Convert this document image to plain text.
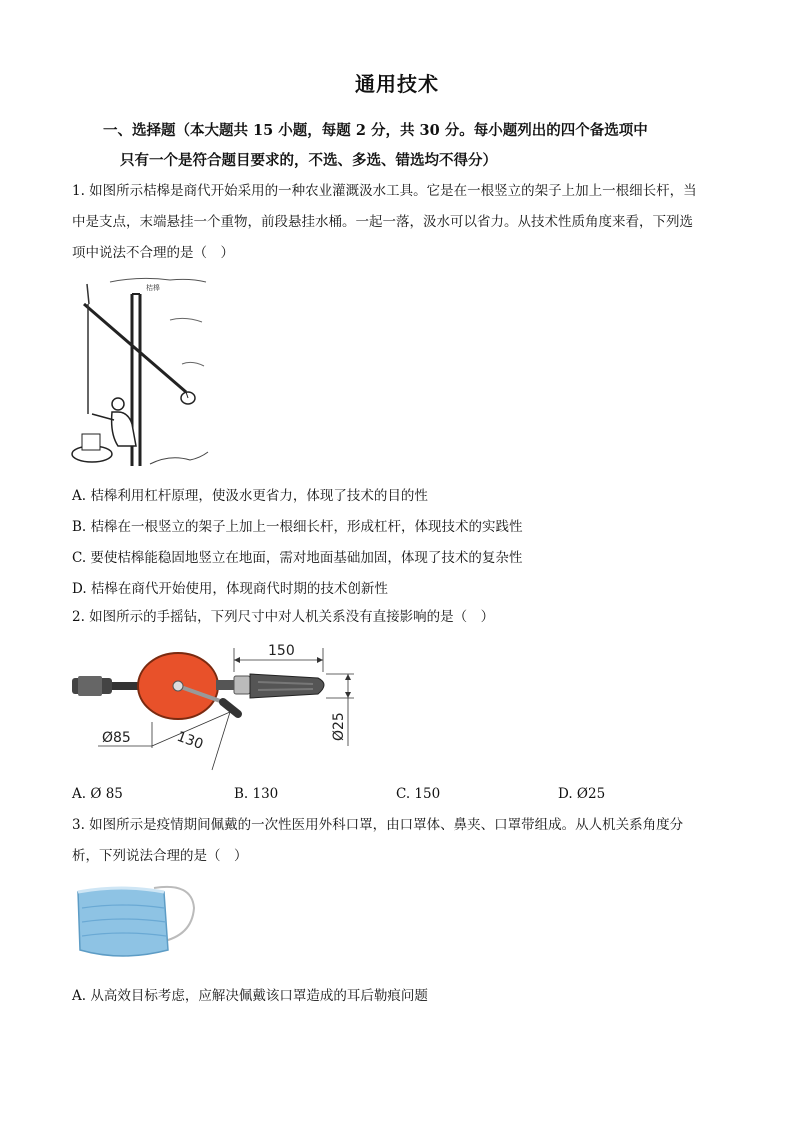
通用技术
一、选择题（本大题共 15 小题，每题 2 分，共 30 分。每小题列出的四个备选项中
只有一个是符合题目要求的，不选、多选、错选均不得分）
1. 如图所示桔槔是商代开始采用的一种农业灌溉汲水工具。它是在一根竖立的架子上加上一根细长杆，当
中是支点，末端悬挂一个重物，前段悬挂水桶。一起一落，汲水可以省力。从技术性质角度来看，下列选
项中说法不合理的是（　）
桔槔
A. 桔槔利用杠杆原理，使汲水更省力，体现了技术的目的性
B. 桔槔在一根竖立的架子上加上一根细长杆，形成杠杆，体现技术的实践性
C. 要使桔槔能稳固地竖立在地面，需对地面基础加固，体现了技术的复杂性
D. 桔槔在商代开始使用，体现商代时期的技术创新性
2. 如图所示的手摇钻，下列尺寸中对人机关系没有直接影响的是（　）
150
Ø25
Ø85	130
A. Ø 85	B. 130	C. 150	D. Ø25
3. 如图所示是疫情期间佩戴的一次性医用外科口罩，由口罩体、鼻夹、口罩带组成。从人机关系角度分
析，下列说法合理的是（　）
A. 从高效目标考虑，应解决佩戴该口罩造成的耳后勒痕问题
